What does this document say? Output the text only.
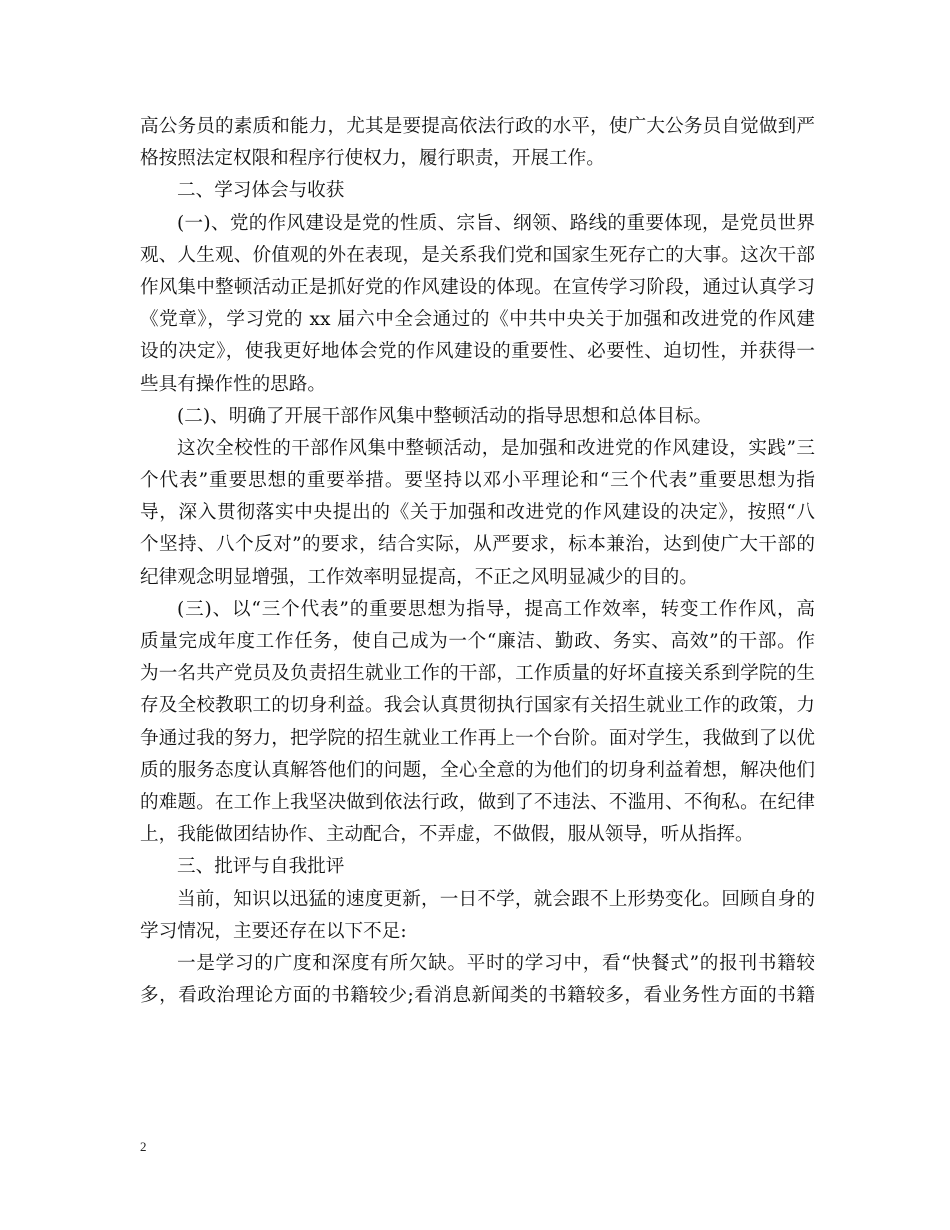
高公务员的素质和能力，尤其是要提高依法行政的水平，使广大公务员自觉做到严
格按照法定权限和程序行使权力，履行职责，开展工作。
二、学习体会与收获
(一)、党的作风建设是党的性质、宗旨、纲领、路线的重要体现，是党员世界
观、人生观、价值观的外在表现，是关系我们党和国家生死存亡的大事。这次干部
作风集中整顿活动正是抓好党的作风建设的体现。在宣传学习阶段，通过认真学习
《党章》，学习党的 xx 届六中全会通过的《中共中央关于加强和改进党的作风建
设的决定》，使我更好地体会党的作风建设的重要性、必要性、迫切性，并获得一
些具有操作性的思路。
(二)、明确了开展干部作风集中整顿活动的指导思想和总体目标。
这次全校性的干部作风集中整顿活动，是加强和改进党的作风建设，实践”三
个代表”重要思想的重要举措。要坚持以邓小平理论和“三个代表”重要思想为指
导，深入贯彻落实中央提出的《关于加强和改进党的作风建设的决定》，按照“八
个坚持、八个反对”的要求，结合实际，从严要求，标本兼治，达到使广大干部的
纪律观念明显增强，工作效率明显提高，不正之风明显减少的目的。
(三)、以“三个代表”的重要思想为指导，提高工作效率，转变工作作风，高
质量完成年度工作任务，使自己成为一个“廉洁、勤政、务实、高效”的干部。作
为一名共产党员及负责招生就业工作的干部，工作质量的好坏直接关系到学院的生
存及全校教职工的切身利益。我会认真贯彻执行国家有关招生就业工作的政策，力
争通过我的努力，把学院的招生就业工作再上一个台阶。面对学生，我做到了以优
质的服务态度认真解答他们的问题，全心全意的为他们的切身利益着想，解决他们
的难题。在工作上我坚决做到依法行政，做到了不违法、不滥用、不徇私。在纪律
上，我能做团结协作、主动配合，不弄虚，不做假，服从领导，听从指挥。
三、批评与自我批评
当前，知识以迅猛的速度更新，一日不学，就会跟不上形势变化。回顾自身的
学习情况，主要还存在以下不足:
一是学习的广度和深度有所欠缺。平时的学习中，看“快餐式”的报刊书籍较
多，看政治理论方面的书籍较少;看消息新闻类的书籍较多，看业务性方面的书籍
2
